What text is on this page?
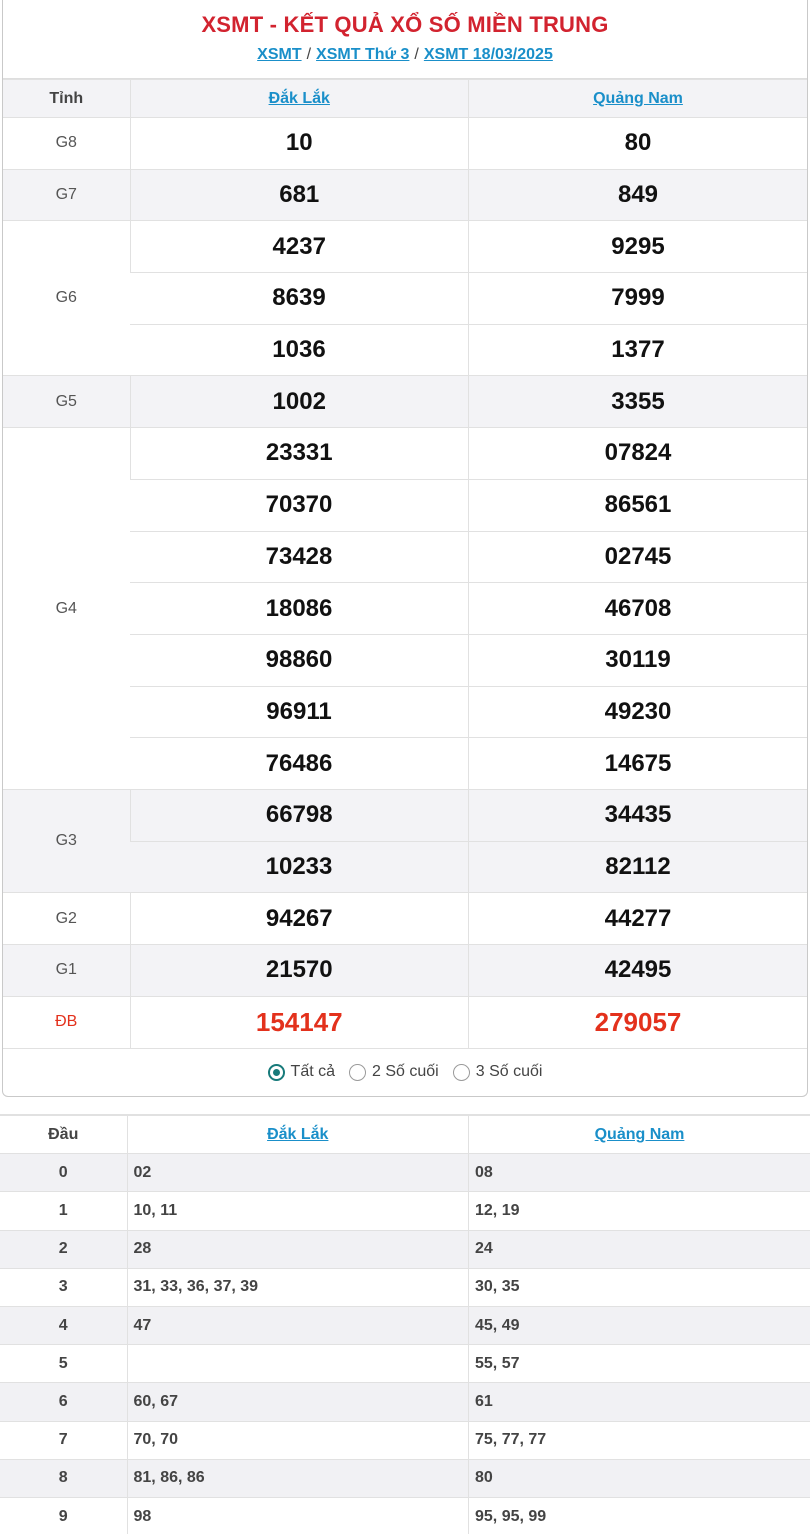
XSMT - KẾT QUẢ XỔ SỐ MIỀN TRUNG
XSMT / XSMT Thứ 3 / XSMT 18/03/2025
Tỉnh	Đắk Lắk	Quảng Nam
G8	10	80
G7	681	849
G6	4237	9295
	8639	7999
	1036	1377
G5	1002	3355
G4	23331	07824
	70370	86561
	73428	02745
	18086	46708
	98860	30119
	96911	49230
	76486	14675
G3	66798	34435
	10233	82112
G2	94267	44277
G1	21570	42495
ĐB	154147	279057
Tất cả 2 Số cuối 3 Số cuối
Đầu	Đắk Lắk	Quảng Nam
0	02	08
1	10, 11	12, 19
2	28	24
3	31, 33, 36, 37, 39	30, 35
4	47	45, 49
5		55, 57
6	60, 67	61
7	70, 70	75, 77, 77
8	81, 86, 86	80
9	98	95, 95, 99
